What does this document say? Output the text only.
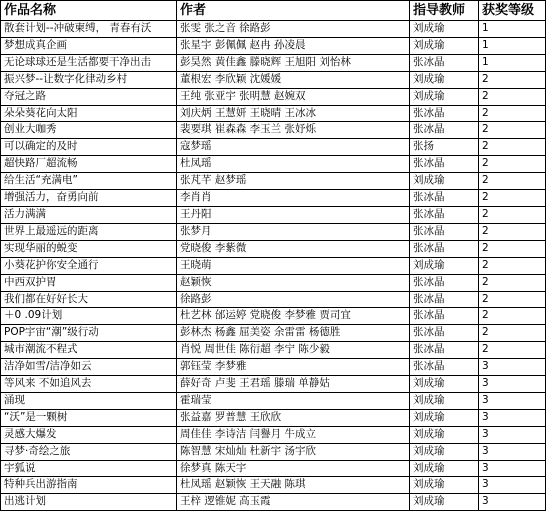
作品名称	作者	指导教师	获奖等级
散套计划--冲破柬缚， 青春有沃	张雯 张之音 徐路彭	刘成瑜	1
梦想成真企画	张星宇 彭佩佩 赵冉 孙凌晨	刘成瑜	1
无论球球还是生活都要干净出击	彭昊然 黄佳鑫 滕晓辉 王旭阳 刘怡林	张冰晶	1
振兴梦--让数字化律动乡村	董根宏 李欣颖 沈媛媛	刘成瑜	2
夺冠之路	王纯 张亚宇 张明慧 赵婉双	刘成瑜	2
朵朵葵花向太阳	刘庆炳 王慧妍 王晓晴 王冰冰	张冰晶	2
创业大咖秀	裴要琪 崔森森 李玉兰 张妤烁	张冰晶	2
可以确定的及时	寇梦瑶	张扬	2
超快路厂超流畅	杜凤瑶	张冰晶	2
给生活“充满电”	张芃芊 赵梦瑶	刘成瑜	2
增强活力，奋勇向前	李肖肖	张冰晶	2
活力满满	王丹阳	张冰晶	2
世界上最遥远的距离	张梦月	张冰晶	2
实现华丽的蜕变	党晓俊 李紫微	张冰晶	2
小葵花护你安全通行	王晓萌	刘成瑜	2
中西双护胃	赵颖恢	张冰晶	2
我们都在好好长大	徐路彭	张冰晶	2
＋0 .09计划	杜艺林 邰运婷 党晓俊 李梦雅 贾司宜	张冰晶	2
POP宇宙“潮”级行动	彭林杰 杨鑫 屈美姿 余雷雷 杨德胜	张冰晶	2
城市潮流不程式	肖悦 周世佳 陈衍超 李宁 陈少毅	张冰晶	2
洁净如雪/洁净如云	郭钰莹 李梦雅	张冰晶	3
等风来 不如追风去	薛好奇 卢斐 王君瑶 滕瑞 单静姑	刘成瑜	3
涌现	霍瑞莹	刘成瑜	3
“沃”是一颗树	张益嘉 罗普慧 王欣欣	刘成瑜	3
灵感大爆发	周佳佳 李诗洁 闫譽月 牛成立	刘成瑜	3
寻梦·奇绘之旅	陈智慧 宋灿灿 杜新宇 汤宇欣	刘成瑜	3
宇狐说	徐梦真 陈天宇	刘成瑜	3
特种兵出游指南	杜凤瑶 赵颖恢 王天融 陈琪	刘成瑜	3
出逃计划	王梓 逻锥妮 高玉霞	刘成瑜	3
